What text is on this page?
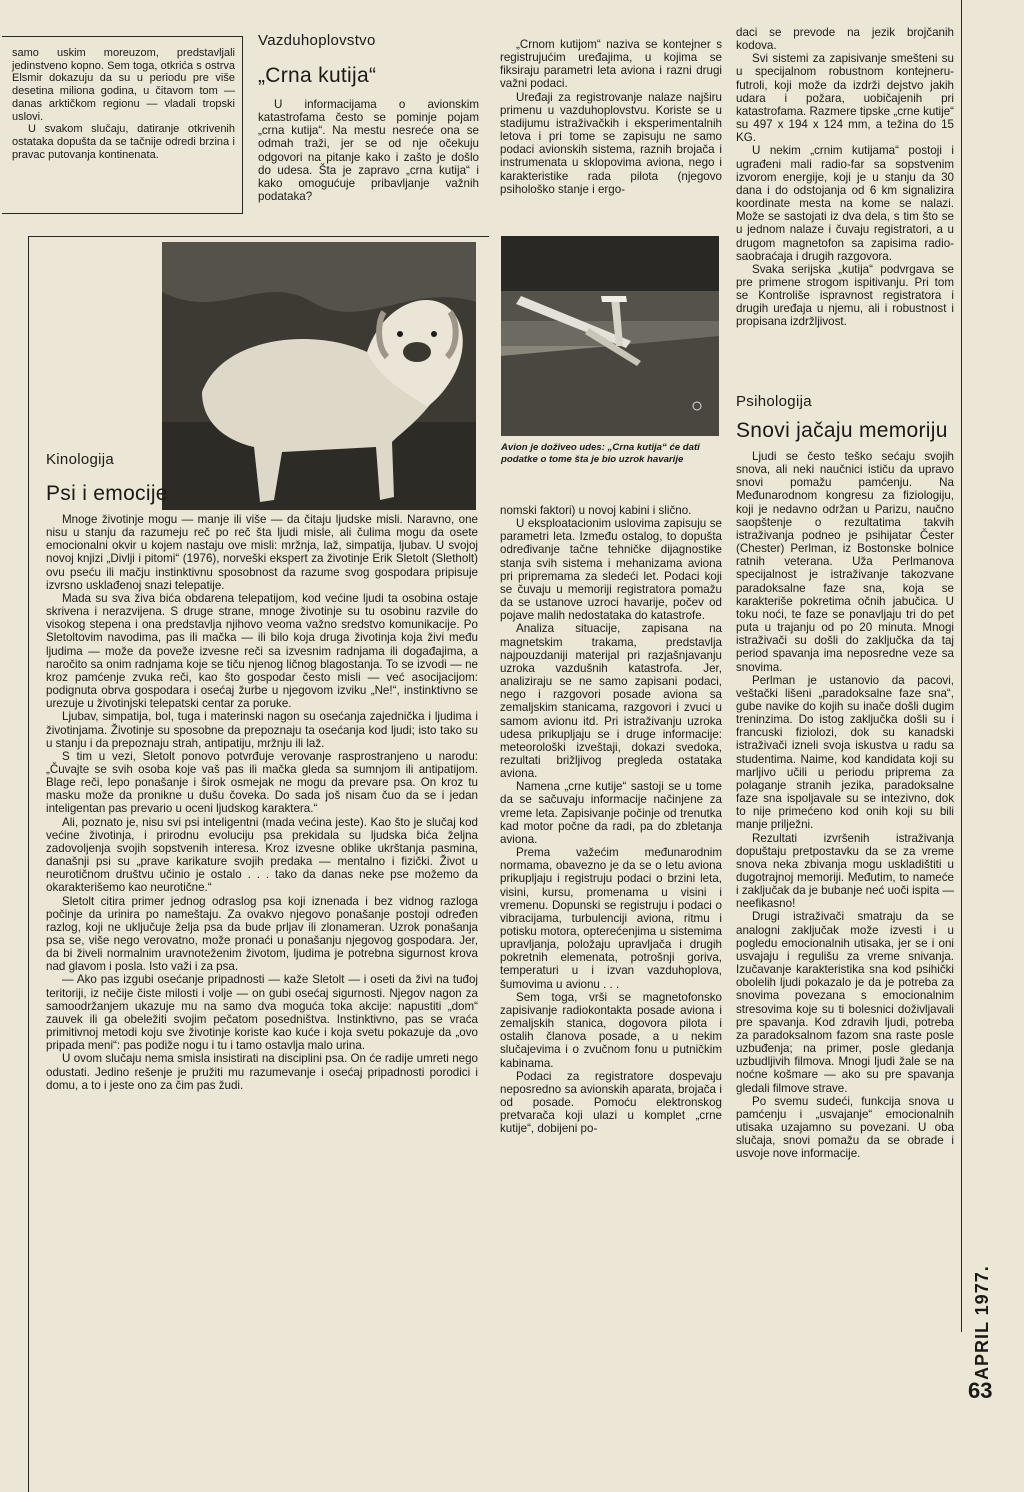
samo uskim moreuzom, predstavljali jedinstveno kopno. Sem toga, otkrića s ostrva Elsmir dokazuju da su u periodu pre više desetina miliona godina, u čitavom tom — danas arktičkom regionu — vladali tropski uslovi.

U svakom slučaju, datiranje otkrivenih ostataka dopušta da se tačnije odredi brzina i pravac putovanja kontinenata.

Vazduhoplovstvo
„Crna kutija“

U informacijama o avionskim katastrofama često se pominje pojam „crna kutija“. Na mestu nesreće ona se odmah traži, jer se od nje očekuju odgovori na pitanje kako i zašto je došlo do udesa. Šta je zapravo „crna kutija“ i kako omogućuje pribavljanje važnih podataka?

„Crnom kutijom“ naziva se kontejner s registrujućim uređajima, u kojima se fiksiraju parametri leta aviona i razni drugi važni podaci.

Uređaji za registrovanje nalaze najširu primenu u vazduhoplovstvu. Koriste se u stadijumu istraživačkih i eksperimentalnih letova i pri tome se zapisuju ne samo podaci avionskih sistema, raznih brojača i instrumenata u sklopovima aviona, nego i karakteristike rada pilota (njegovo psihološko stanje i ergo-

Avion je doživeo udes: „Crna kutija“ će dati podatke o tome šta je bio uzrok havarije

nomski faktori) u novoj kabini i slično.

U eksploatacionim uslovima zapisuju se parametri leta. Između ostalog, to dopušta određivanje tačne tehničke dijagnostike stanja svih sistema i mehanizama aviona pri pripremama za sledeći let. Podaci koji se čuvaju u memoriji registratora pomažu da se ustanove uzroci havarije, počev od pojave malih nedostataka do katastrofe.

Analiza situacije, zapisana na magnetskim trakama, predstavlja najpouzdaniji materijal pri razjašnjavanju uzroka vazdušnih katastrofa. Jer, analiziraju se ne samo zapisani podaci, nego i razgovori posade aviona sa zemaljskim stanicama, razgovori i zvuci u samom avionu itd. Pri istraživanju uzroka udesa prikupljaju se i druge informacije: meteorološki izveštaji, dokazi svedoka, rezultati brižljivog pregleda ostataka aviona.

Namena „crne kutije“ sastoji se u tome da se sačuvaju informacije načinjene za vreme leta. Zapisivanje počinje od trenutka kad motor počne da radi, pa do zbletanja aviona.

Prema važećim međunarodnim normama, obavezno je da se o letu aviona prikupljaju i registruju podaci o brzini leta, visini, kursu, promenama u visini i vremenu. Dopunski se registruju i podaci o vibracijama, turbulenciji aviona, ritmu i potisku motora, opterećenjima u sistemima upravljanja, položaju upravljača i drugih pokretnih elemenata, potrošnji goriva, temperaturi u i izvan vazduhoplova, šumovima u avionu . . .

Sem toga, vrši se magnetofonsko zapisivanje radiokontakta posade aviona i zemaljskih stanica, dogovora pilota i ostalih članova posade, a u nekim slučajevima i o zvučnom fonu u putničkim kabinama.

Podaci za registratore dospevaju neposredno sa avionskih aparata, brojača i od posade. Pomoću elektronskog pretvarača koji ulazi u komplet „crne kutije“, dobijeni po-

daci se prevode na jezik brojčanih kodova.

Svi sistemi za zapisivanje smešteni su u specijalnom robustnom kontejneru-futroli, koji može da izdrži dejstvo jakih udara i požara, uobičajenih pri katastrofama. Razmere tipske „crne kutije“ su 497 x 194 x 124 mm, a težina do 15 KG.

U nekim „crnim kutijama“ postoji i ugrađeni mali radio-far sa sopstvenim izvorom energije, koji je u stanju da 30 dana i do odstojanja od 6 km signalizira koordinate mesta na kome se nalazi. Može se sastojati iz dva dela, s tim što se u jednom nalaze i čuvaju registratori, a u drugom magnetofon sa zapisima radio-saobraćaja i drugih razgovora.

Svaka serijska „kutija“ podvrgava se pre primene strogom ispitivanju. Pri tom se Kontroliše ispravnost registratora i drugih uređaja u njemu, ali i robustnost i propisana izdržljivost.

Psihologija
Snovi jačaju memoriju

Ljudi se često teško sećaju svojih snova, ali neki naučnici ističu da upravo snovi pomažu pamćenju. Na Međunarodnom kongresu za fiziologiju, koji je nedavno održan u Parizu, naučno saopštenje o rezultatima takvih istraživanja podneo je psihijatar Čester (Chester) Perlman, iz Bostonske bolnice ratnih veterana. Uža Perlmanova specijalnost je istraživanje takozvane paradoksalne faze sna, koja se karakteriše pokretima očnih jabučica. U toku noći, te faze se ponavljaju tri do pet puta u trajanju od po 20 minuta. Mnogi istraživači su došli do zaključka da taj period spavanja ima neposredne veze sa snovima.

Perlman je ustanovio da pacovi, veštački lišeni „paradoksalne faze sna“, gube navike do kojih su inače došli dugim treninzima. Do istog zaključka došli su i francuski fiziolozi, dok su kanadski istraživači izneli svoja iskustva u radu sa studentima. Naime, kod kandidata koji su marljivo učili u periodu pripremа za polaganje stranih jezika, paradoksalne faze sna ispoljavale su se intezivno, dok to nije primećeno kod onih koji su bili manje prilježni.

Rezultati izvršenih istraživanja dopuštaju pretpostavku da se za vreme snova neka zbivanja mogu uskladištiti u dugotrajnoj memoriji. Međutim, to nameće i zaključak da je bubanje neć uoči ispita — neefikasno!

Drugi istraživači smatraju da se analogni zaključak može izvesti i u pogledu emocionalnih utisaka, jer se i oni usvajaju i regulišu za vreme snivanja. Izučavanje karakteristika sna kod psihički obolelih ljudi pokazalo je da je potreba za snovima povezana s emocionalnim stresovima koje su ti bolesnici doživljavali pre spavanja. Kod zdravih ljudi, potreba za paradoksalnom fazom sna raste posle uzbuđenja; na primer, posle gledanja uzbudljivih filmova. Mnogi ljudi žale se na noćne košmare — ako su pre spavanja gledali filmove strave.

Po svemu sudeći, funkcija snova u pamćenju i „usvajanje“ emocionalnih utisaka uzajamno su povezani. U oba slučaja, snovi pomažu da se obrade i usvoje nove informacije.

Kinologija
Psi i emocije

Mnoge životinje mogu — manje ili više — da čitaju ljudske misli. Naravno, one nisu u stanju da razumeju reč po reč šta ljudi misle, ali čulima mogu da osete emocionalni okvir u kojem nastaju ove misli: mržnja, laž, simpatija, ljubav. U svojoj novoj knjizi „Divlji i pitomi“ (1976), norveški ekspert za životinje Erik Sletolt (Sletholt) ovu pseću ili mačju instinktivnu sposobnost da razume svog gospodara pripisuje izvrsno usklađenoj snazi telepatije.

Mada su sva živa bića obdarena telepatijom, kod većine ljudi ta osobina ostaje skrivena i nerazvijena. S druge strane, mnoge životinje su tu osobinu razvile do visokog stepena i ona predstavlja njihovo veoma važno sredstvo komunikacije. Po Sletoltovim navodima, pas ili mačka — ili bilo koja druga životinja koja živi među ljudima — može da poveže izvesne reči sa izvesnim radnjama ili događajima, a naročito sa onim radnjama koje se tiču njenog ličnog blagostanja. To se izvodi — ne kroz pamćenje zvuka reči, kao što gospodar često misli — već asocijacijom: podignuta obrva gospodara i osećaj žurbe u njegovom izviku „Ne!“, instinktivno se urezuje u životinjski telepatski centar za poruke.

Ljubav, simpatija, bol, tuga i materinski nagon su osećanja zajednička i ljudima i životinjama. Životinje su sposobne da prepoznaju ta osećanja kod ljudi; isto tako su u stanju i da prepoznaju strah, antipatiju, mržnju ili laž.

S tim u vezi, Sletolt ponovo potvrđuje verovanje rasprostranjeno u narodu: „Čuvajte se svih osoba koje vaš pas ili mačka gleda sa sumnjom ili antipatijom. Blage reči, lepo ponašanje i širok osmejak ne mogu da prevare psa. On kroz tu masku može da pronikne u dušu čoveka. Do sada još nisam čuo da se i jedan inteligentan pas prevario u oceni ljudskog karaktera.“

Ali, poznato je, nisu svi psi inteligentni (mada većina jeste). Kao što je slučaj kod većine životinja, i prirodnu evoluciju psa prekidala su ljudska bića željna zadovoljenja svojih sopstvenih interesa. Kroz izvesne oblike ukrštanja pasmina, današnji psi su „prave karikature svojih predaka — mentalno i fizički. Život u neurotičnom društvu učinio je ostalo . . . tako da danas neke pse možemo da okarakterišemo kao neurotične.“

Sletolt citira primer jednog odraslog psa koji iznenada i bez vidnog razloga počinje da urinira po nameštaju. Za ovakvo njegovo ponašanje postoji određen razlog, koji ne uključuje želja psa da bude prljav ili zlonameran. Uzrok ponašanja psa se, više nego verovatno, može pronaći u ponašanju njegovog gospodara. Jer, da bi živeli normalnim uravnoteženim životom, ljudima je potrebna sigurnost krova nad glavom i posla. Isto važi i za psa.

— Ako pas izgubi osećanje pripadnosti — kaže Sletolt — i oseti da živi na tuđoj teritoriji, iz nečije čiste milosti i volje — on gubi osećaj sigurnosti. Njegov nagon za samoodržanjem ukazuje mu na samo dva moguća toka akcije: napustiti „dom“ zauvek ili ga obeležiti svojim pečatom posedništva. Instinktivno, pas se vraća primitivnoj metodi koju sve životinje koriste kao kuće i koja svetu pokazuje da „ovo pripada meni“: pas podiže nogu i tu i tamo ostavlja malo urina.

U ovom slučaju nema smisla insistirati na disciplini psa. On će radije umreti nego odustati. Jedino rešenje je pružiti mu razumevanje i osećaj pripadnosti porodici i domu, a to i jeste ono za čim pas žudi.

APRIL 1977.
63
